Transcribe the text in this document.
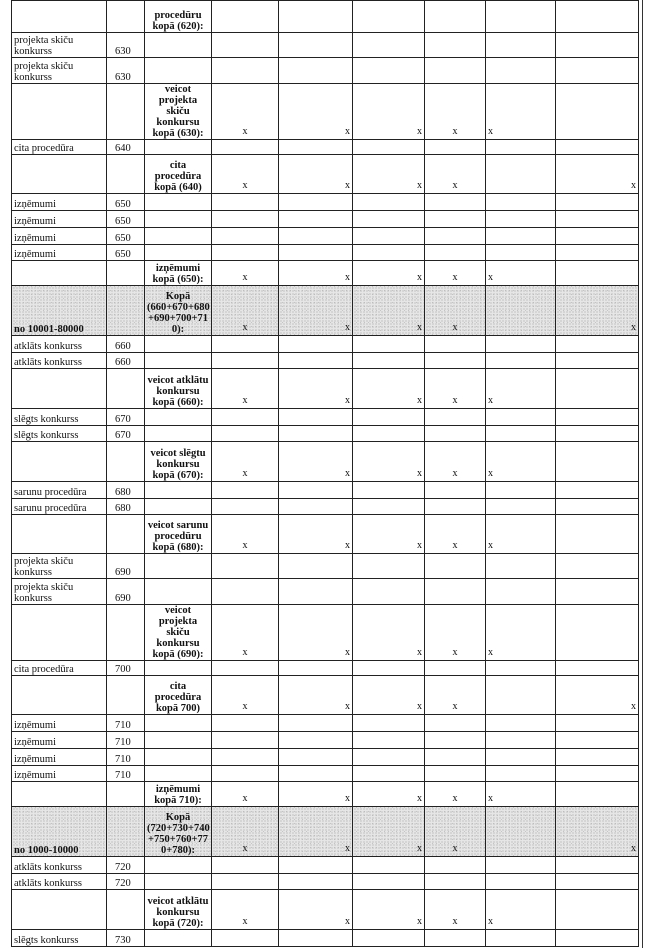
		procedūru kopā (620):							
projekta skiču konkurss	630								
projekta skiču konkurss	630								
		veicot projekta skiču konkursu kopā (630):	x	x	x	x	x		
cita procedūra	640								
		cita procedūra kopā (640)	x	x	x	x		x	
izņēmumi	650								
izņēmumi	650								
izņēmumi	650								
izņēmumi	650								
		izņēmumi kopā (650):	x	x	x	x	x		
no 10001-80000		Kopā (660+670+680 +690+700+71 0):	x	x	x	x		x	
atklāts konkurss	660								
atklāts konkurss	660								
		veicot atklātu konkursu kopā (660):	x	x	x	x	x		
slēgts konkurss	670								
slēgts konkurss	670								
		veicot slēgtu konkursu kopā (670):	x	x	x	x	x		
sarunu procedūra	680								
sarunu procedūra	680								
		veicot sarunu procedūru kopā (680):	x	x	x	x	x		
projekta skiču konkurss	690								
projekta skiču konkurss	690								
		veicot projekta skiču konkursu kopā (690):	x	x	x	x	x		
cita procedūra	700								
		cita procedūra kopā 700)	x	x	x	x		x	
izņēmumi	710								
izņēmumi	710								
izņēmumi	710								
izņēmumi	710								
		izņēmumi kopā 710):	x	x	x	x	x		
no 1000-10000		Kopā (720+730+740 +750+760+77 0+780):	x	x	x	x		x	
atklāts konkurss	720								
atklāts konkurss	720								
		veicot atklātu konkursu kopā (720):	x	x	x	x	x		
slēgts konkurss	730								
